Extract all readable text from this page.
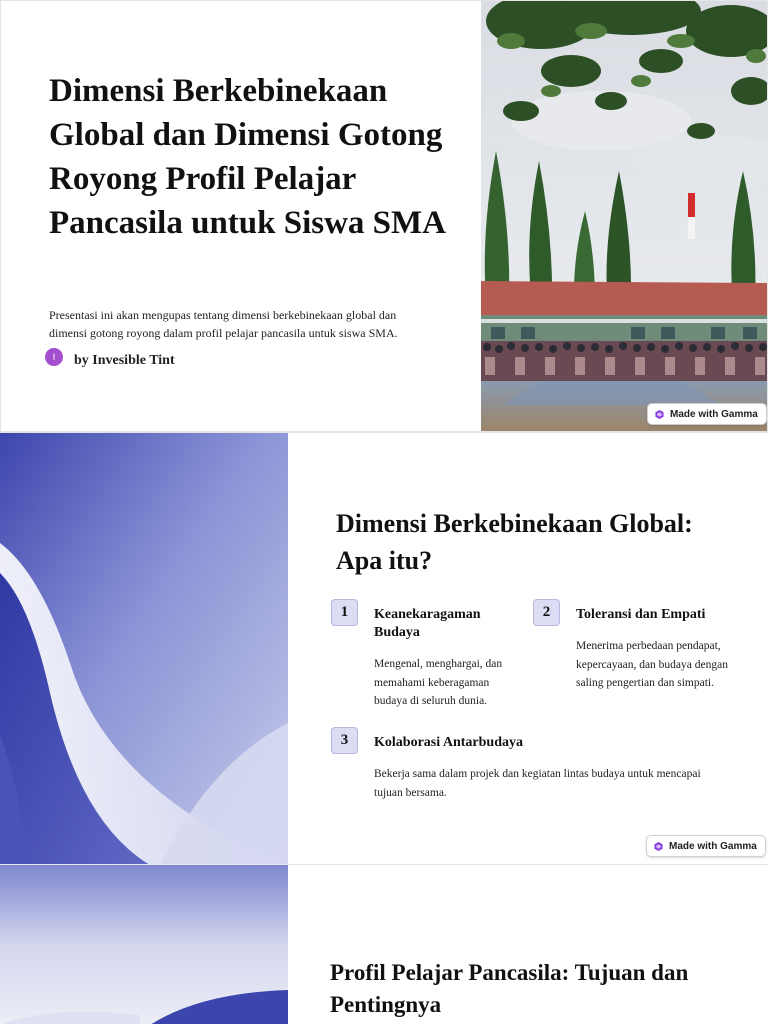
Dimensi Berkebinekaan Global dan Dimensi Gotong Royong Profil Pelajar Pancasila untuk Siswa SMA

Presentasi ini akan mengupas tentang dimensi berkebinekaan global dan dimensi gotong royong dalam profil pelajar pancasila untuk siswa SMA.

I	by Invesible Tint
Made with Gamma
Dimensi Berkebinekaan Global: Apa itu?
1	Keanekaragaman Budaya
Mengenal, menghargai, dan memahami keberagaman budaya di seluruh dunia.
2	Toleransi dan Empati
Menerima perbedaan pendapat, kepercayaan, dan budaya dengan saling pengertian dan simpati.
3	Kolaborasi Antarbudaya
Bekerja sama dalam projek dan kegiatan lintas budaya untuk mencapai tujuan bersama.
Made with Gamma
Profil Pelajar Pancasila: Tujuan dan Pentingnya
